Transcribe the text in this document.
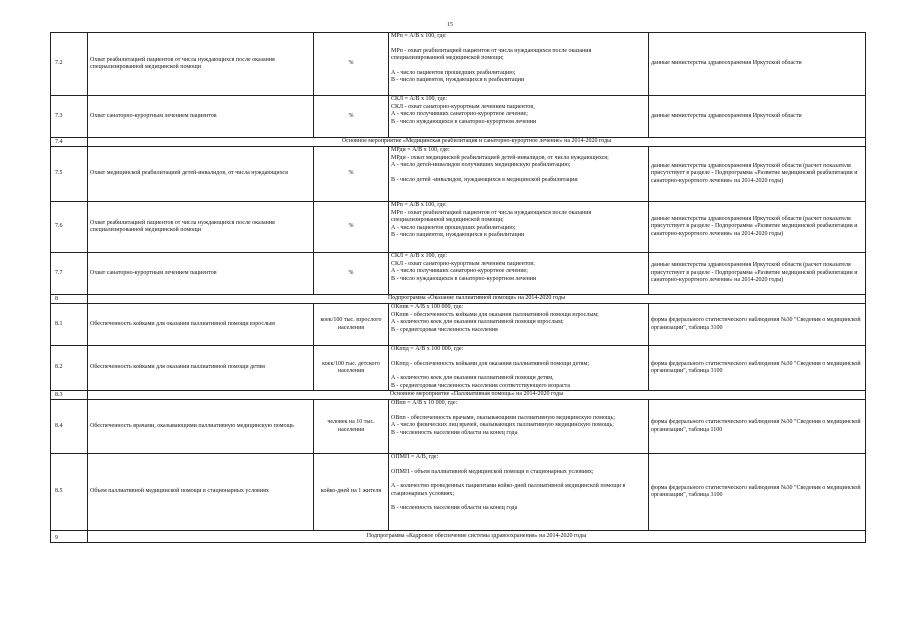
15
7.2	Охват реабилитацией пациентов от числа нуждающихся после оказания специализированной медицинской помощи	%	МРп = А/В х 100, где:

МРп - охват реабилитацией пациентов от числа нуждающихся после оказания специализированной медицинской помощи;

А - число пациентов прошедших реабилитацию;

В - число пациентов, нуждающихся в реабилитации	данные министерства здравоохранения Иркутской области
7.3	Охват санаторно-курортным лечением пациентов	%	СКЛ = А/В х 100, где:

СКЛ - охват санаторно-курортным лечением пациентов,

А - число получивших санаторно-курортное лечение;

В - число нуждающихся в санаторно-курортном лечении	данные министерства здравоохранения Иркутской области
7.4	Основное мероприятие «Медицинская реабилитация и санаторно-курортное лечение» на 2014-2020 годы			
7.5	Охват медицинской реабилитацией детей-инвалидов, от числа нуждающихся	%	МРди = А/В х 100, где:

МРди - охват медицинской реабилитацией детей-инвалидов, от числа нуждающихся;

А - число детей-инвалидов получивших медицинскую реабилитацию;

В - число детей -инвалидов, нуждающихся в медицинской реабилитации	данные министерства здравоохранения Иркутской области (расчет показателя присутствует в разделе - Подпрограмма «Развитие медицинской реабилитации и санаторно-курортного лечения» на 2014-2020 годы)
7.6	Охват реабилитацией пациентов от числа нуждающихся после оказания специализированной медицинской помощи	%	МРп = А/В х 100, где:

МРп - охват реабилитацией пациентов от числа нуждающихся после оказания специализированной медицинской помощи;

А - число пациентов прошедших реабилитацию;

В - число пациентов, нуждающихся в реабилитации	данные министерства здравоохранения Иркутской области (расчет показателя присутствует в разделе - Подпрограмма «Развитие медицинской реабилитации и санаторно-курортного лечения» на 2014-2020 годы)
7.7	Охват санаторно-курортным лечением пациентов	%	СКЛ = А/В х 100, где:

СКЛ - охват санаторно-курортным лечением пациентов;

А - число получивших санаторно-курортное лечение;

В - число нуждающихся в санаторно-курортном лечении	данные министерства здравоохранения Иркутской области (расчет показателя присутствует в разделе - Подпрограмма «Развитие медицинской реабилитации и санаторно-курортного лечения» на 2014-2020 годы)
8	Подпрограмма «Оказание паллиативной помощи» на 2014-2020 годы			
8.1	Обеспеченность койками для оказания паллиативной помощи взрослым	коек/100 тыс. взрослого населения	ОКппв = А/В х 100 000, где:

ОКппв - обеспеченность койками для оказания паллиативной помощи взрослым;

А - количество коек для оказания паллиативной помощи взрослым;

В - среднегодовая численность населения	форма федерального статистического наблюдения №30 "Сведения о медицинской организации", таблица 3100
8.2	Обеспеченность койками для оказания паллиативной помощи детям	коек/100 тыс. детского населения	ОКппд = А/В х 100 000, где:

ОКппд - обеспеченность койками для оказания паллиативной помощи детям;

А - количество коек для оказания паллиативной помощи детям,

В - среднегодовая численность населения соответствующего возраста	форма федерального статистического наблюдения №30 "Сведения о медицинской организации", таблица 3100
8.3	Основное мероприятие «Паллиативная помощь» на 2014-2020 годы			
8.4	Обеспеченность врачами, оказывающими паллиативную медицинскую помощь	человек на 10 тыс. населения	ОВпп = А/В х 10 000, где:

ОВпп - обеспеченность врачами, оказывающими паллиативную медицинскую помощь;

А - число физических лиц врачей, оказывающих паллиативную медицинскую помощь;

В - численность населения области на конец года	форма федерального статистического наблюдения №30 "Сведения о медицинской организации", таблица 1100
8.5	Объем паллиативной медицинской помощи в стационарных условиях	койко-дней на 1 жителя	ОПМП = А/В, где:

ОПМП - объем паллиативной медицинской помощи в стационарных условиях;

А - количество проведенных пациентами койко-дней паллиативной медицинской помощи в стационарных условиях;

В - численность населения области на конец года	форма федерального статистического наблюдения №30 "Сведения о медицинской организации", таблица 3100
9	Подпрограмма «Кадровое обеспечение системы здравоохранения» на 2014-2020 годы			
